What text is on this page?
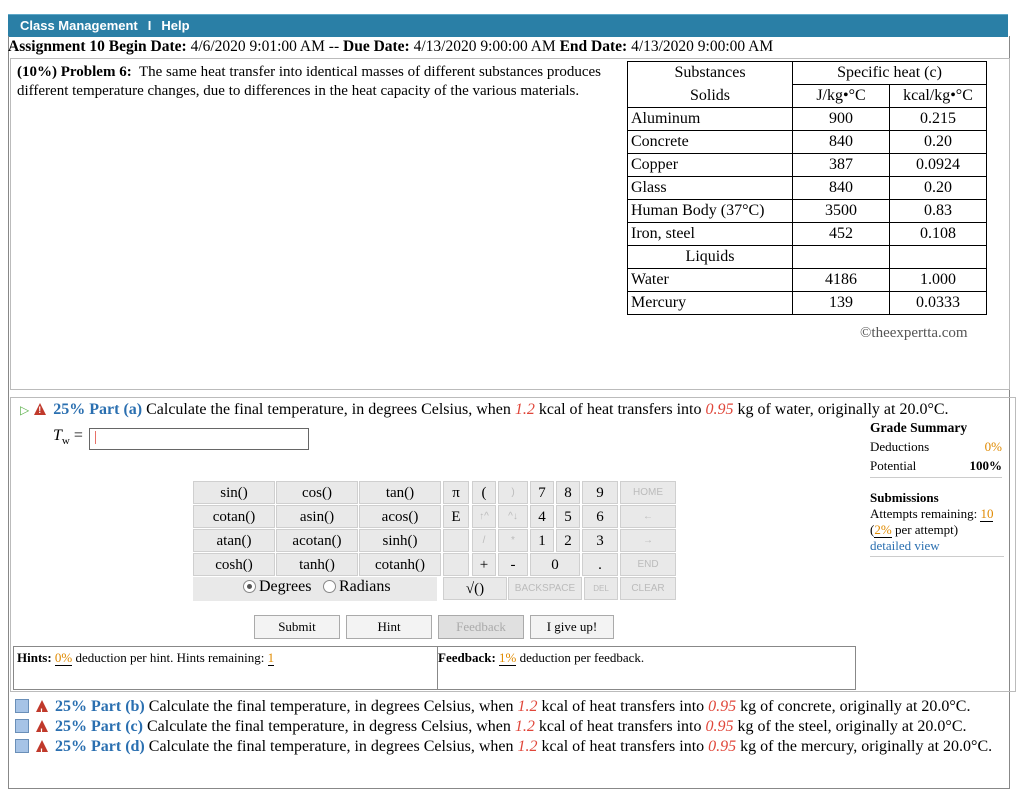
Class Management I Help
Assignment 10 Begin Date: 4/6/2020 9:01:00 AM -- Due Date: 4/13/2020 9:00:00 AM End Date: 4/13/2020 9:00:00 AM
(10%) Problem 6: The same heat transfer into identical masses of different substances produces different temperature changes, due to differences in the heat capacity of the various materials.
Substances	Specific heat (c)	
Solids	J/kg•°C	kcal/kg•°C
Aluminum	900	0.215
Concrete	840	0.20
Copper	387	0.0924
Glass	840	0.20
Human Body (37°C)	3500	0.83
Iron, steel	452	0.108
Liquids		
Water	4186	1.000
Mercury	139	0.0333
©theexpertta.com
▷ ! 25% Part (a) Calculate the final temperature, in degrees Celsius, when 1.2 kcal of heat transfers into 0.95 kg of water, originally at 20.0°C.
$T_w$ = |
Grade Summary
Deductions	0%
Potential	100%
Submissions
Attempts remaining: 10
(2% per attempt)
detailed view
sin()	cos()	tan()
cotan()	asin()	acos()
atan()	acotan()	sinh()
cosh()	tanh()	cotanh()
π
E
(	)	7	8	9	HOME
↑^	^↓	4	5	6	←
/	*	1	2	3	→
+	-	0	.	END
√()	BACKSPACE	DEL	CLEAR
Degrees	Radians
Submit	Hint	Feedback	I give up!
Hints: 0% deduction per hint. Hints remaining: 1	Feedback: 1% deduction per feedback.
! 25% Part (b) Calculate the final temperature, in degrees Celsius, when 1.2 kcal of heat transfers into 0.95 kg of concrete, originally at 20.0°C.
! 25% Part (c) Calculate the final temperature, in degress Celsius, when 1.2 kcal of heat transfers into 0.95 kg of the steel, originally at 20.0°C.
! 25% Part (d) Calculate the final temperature, in degrees Celsius, when 1.2 kcal of heat transfers into 0.95 kg of the mercury, originally at 20.0°C.
